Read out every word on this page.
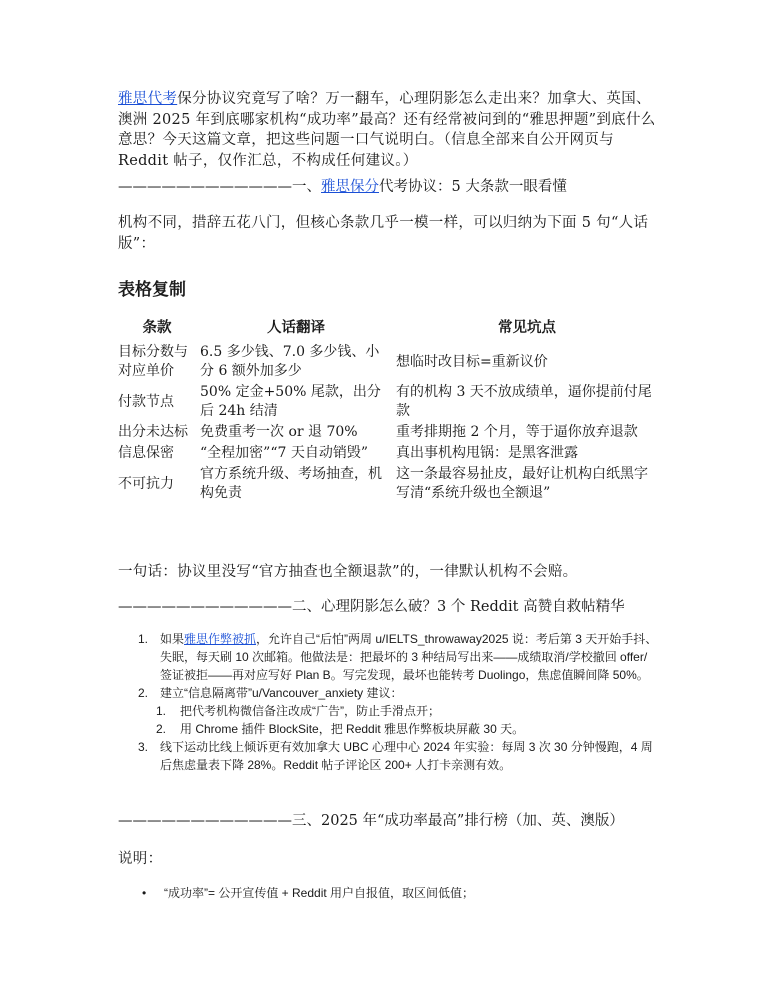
雅思代考保分协议究竟写了啥？万一翻车，心理阴影怎么走出来？加拿大、英国、澳洲 2025 年到底哪家机构“成功率”最高？还有经常被问到的“雅思押题”到底什么意思？今天这篇文章，把这些问题一口气说明白。（信息全部来自公开网页与 Reddit 帖子，仅作汇总，不构成任何建议。）
————————————一、雅思保分代考协议：5 大条款一眼看懂
机构不同，措辞五花八门，但核心条款几乎一模一样，可以归纳为下面 5 句“人话版”：
表格复制
条款	人话翻译	常见坑点
目标分数与对应单价	6.5 多少钱、7.0 多少钱、小分 6 额外加多少	想临时改目标=重新议价
付款节点	50% 定金+50% 尾款，出分后 24h 结清	有的机构 3 天不放成绩单，逼你提前付尾款
出分未达标	免费重考一次 or 退 70%	重考排期拖 2 个月，等于逼你放弃退款
信息保密	“全程加密”“7 天自动销毁”	真出事机构甩锅：是黑客泄露
不可抗力	官方系统升级、考场抽查，机构免责	这一条最容易扯皮，最好让机构白纸黑字写清“系统升级也全额退”
一句话：协议里没写“官方抽查也全额退款”的，一律默认机构不会赔。
————————————二、心理阴影怎么破？3 个 Reddit 高赞自救帖精华
1. 如果雅思作弊被抓，允许自己“后怕”两周 u/IELTS_throwaway2025 说：考后第 3 天开始手抖、失眠，每天刷 10 次邮箱。他做法是：把最坏的 3 种结局写出来——成绩取消/学校撤回 offer/签证被拒——再对应写好 Plan B。写完发现，最坏也能转考 Duolingo，焦虑值瞬间降 50%。
2. 建立“信息隔离带”u/Vancouver_anxiety 建议：
1. 把代考机构微信备注改成“广告”，防止手滑点开；
2. 用 Chrome 插件 BlockSite，把 Reddit 雅思作弊板块屏蔽 30 天。
3. 线下运动比线上倾诉更有效加拿大 UBC 心理中心 2024 年实验：每周 3 次 30 分钟慢跑，4 周后焦虑量表下降 28%。Reddit 帖子评论区 200+ 人打卡亲测有效。
————————————三、2025 年“成功率最高”排行榜（加、英、澳版）
说明：
• “成功率”= 公开宣传值 + Reddit 用户自报值，取区间低值；
